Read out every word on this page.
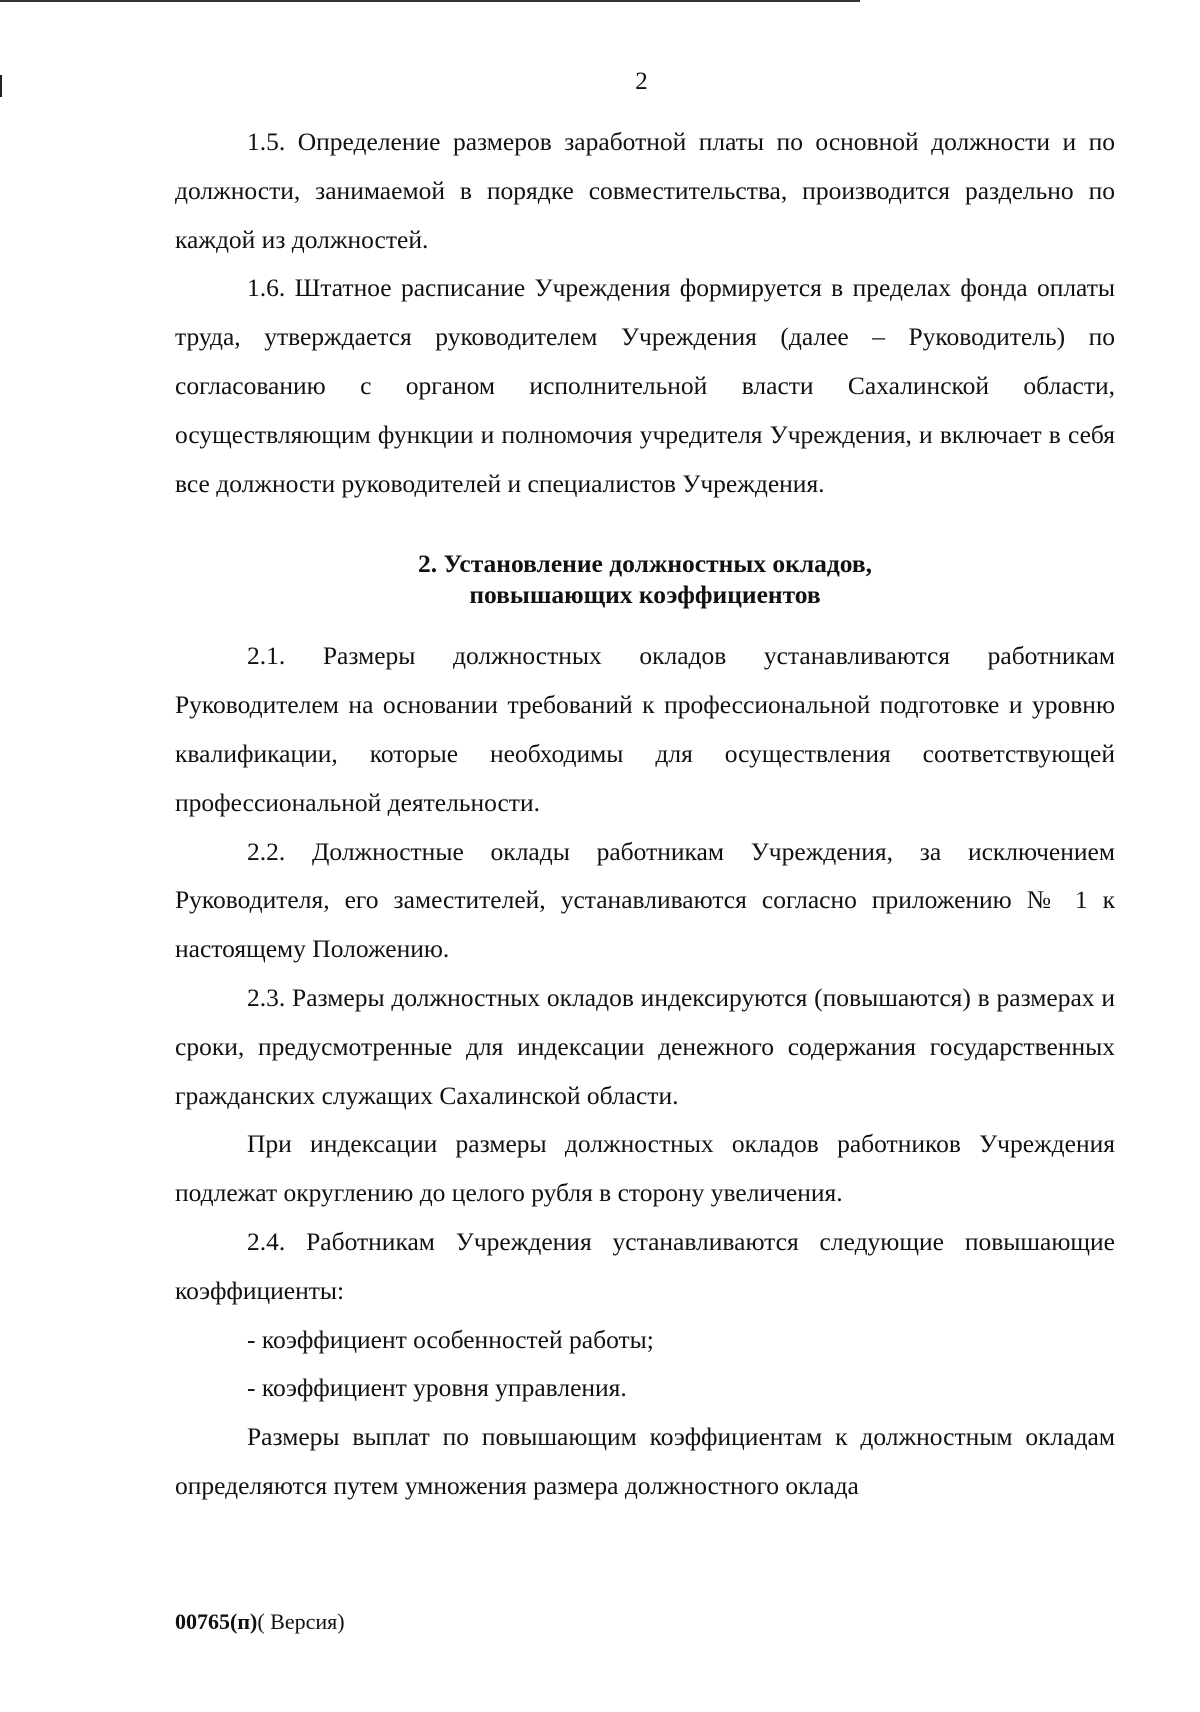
2

1.5. Определение размеров заработной платы по основной должности и по должности, занимаемой в порядке совместительства, производится раздельно по каждой из должностей.

1.6. Штатное расписание Учреждения формируется в пределах фонда оплаты труда, утверждается руководителем Учреждения (далее – Руководитель) по согласованию с органом исполнительной власти Сахалинской области, осуществляющим функции и полномочия учредителя Учреждения, и включает в себя все должности руководителей и специалистов Учреждения.

2. Установление должностных окладов,
повышающих коэффициентов

2.1. Размеры должностных окладов устанавливаются работникам Руководителем на основании требований к профессиональной подготовке и уровню квалификации, которые необходимы для осуществления соответствующей профессиональной деятельности.

2.2. Должностные оклады работникам Учреждения, за исключением Руководителя, его заместителей, устанавливаются согласно приложению № 1 к настоящему Положению.

2.3. Размеры должностных окладов индексируются (повышаются) в размерах и сроки, предусмотренные для индексации денежного содержания государственных гражданских служащих Сахалинской области.

При индексации размеры должностных окладов работников Учреждения подлежат округлению до целого рубля в сторону увеличения.

2.4. Работникам Учреждения устанавливаются следующие повышающие коэффициенты:

- коэффициент особенностей работы;

- коэффициент уровня управления.

Размеры выплат по повышающим коэффициентам к должностным окладам определяются путем умножения размера должностного оклада

00765(п)( Версия)
